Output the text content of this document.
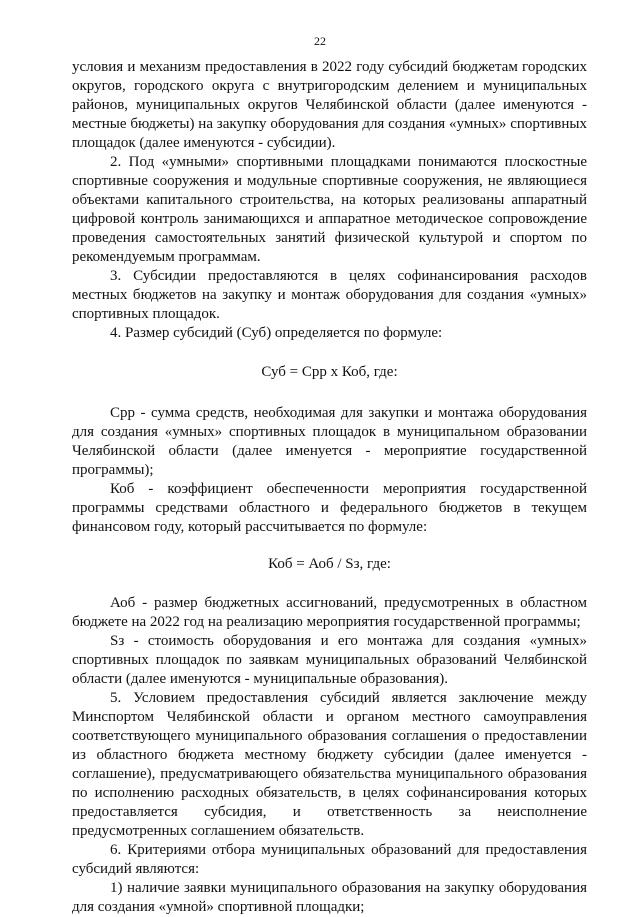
22

условия и механизм предоставления в 2022 году субсидий бюджетам городских округов, городского округа с внутригородским делением и муниципальных районов, муниципальных округов Челябинской области (далее именуются - местные бюджеты) на закупку оборудования для создания «умных» спортивных площадок (далее именуются - субсидии).

2. Под «умными» спортивными площадками понимаются плоскостные спортивные сооружения и модульные спортивные сооружения, не являющиеся объектами капитального строительства, на которых реализованы аппаратный цифровой контроль занимающихся и аппаратное методическое сопровождение проведения самостоятельных занятий физической культурой и спортом по рекомендуемым программам.

3. Субсидии предоставляются в целях софинансирования расходов местных бюджетов на закупку и монтаж оборудования для создания «умных» спортивных площадок.

4. Размер субсидий (Суб) определяется по формуле:

Суб = Срр х Коб, где:

Срр - сумма средств, необходимая для закупки и монтажа оборудования для создания «умных» спортивных площадок в муниципальном образовании Челябинской области (далее именуется - мероприятие государственной программы);

Коб - коэффициент обеспеченности мероприятия государственной программы средствами областного и федерального бюджетов в текущем финансовом году, который рассчитывается по формуле:

Коб = Аоб / Sз, где:

Аоб - размер бюджетных ассигнований, предусмотренных в областном бюджете на 2022 год на реализацию мероприятия государственной программы;

Sз - стоимость оборудования и его монтажа для создания «умных» спортивных площадок по заявкам муниципальных образований Челябинской области (далее именуются - муниципальные образования).

5. Условием предоставления субсидий является заключение между Минспортом Челябинской области и органом местного самоуправления соответствующего муниципального образования соглашения о предоставлении из областного бюджета местному бюджету субсидии (далее именуется - соглашение), предусматривающего обязательства муниципального образования по исполнению расходных обязательств, в целях софинансирования которых предоставляется субсидия, и ответственность за неисполнение предусмотренных соглашением обязательств.

6. Критериями отбора муниципальных образований для предоставления субсидий являются:

1) наличие заявки муниципального образования на закупку оборудования для создания «умной» спортивной площадки;
